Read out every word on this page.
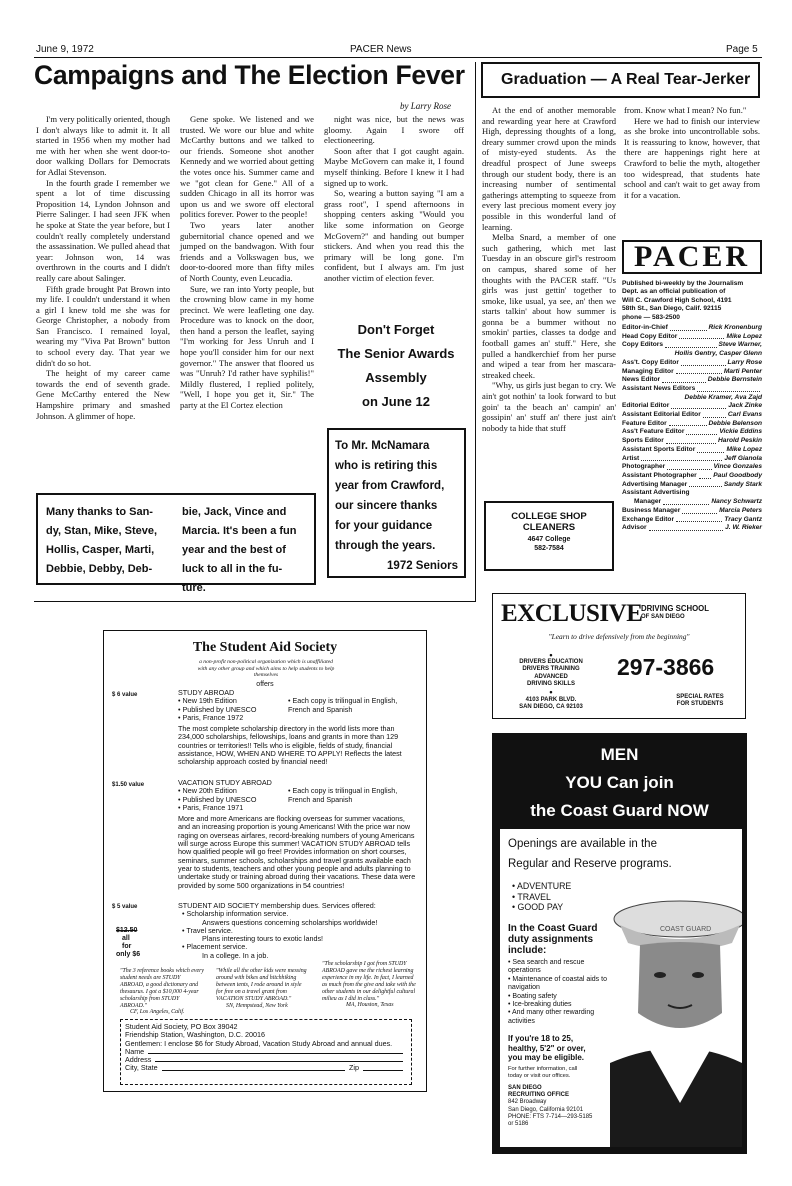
June 9, 1972	PACER News	Page 5
Campaigns and The Election Fever
by Larry Rose

I'm very politically oriented, though I don't always like to admit it. It all started in 1956 when my mother had me with her when she went door-to-door walking Dollars for Democrats for Adlai Stevenson.

In the fourth grade I remember we spent a lot of time discussing Proposition 14, Lyndon Johnson and Pierre Salinger. I had seen JFK when he spoke at State the year before, but I couldn't really completely understand the assassination. We pulled ahead that year: Johnson won, 14 was overthrown in the courts and I didn't really care about Salinger.

Fifth grade brought Pat Brown into my life. I couldn't understand it when a girl I knew told me she was for George Christopher, a nobody from San Francisco. I remained loyal, wearing my "Viva Pat Brown" button to school every day. That year we didn't do so hot.

The height of my career came towards the end of seventh grade. Gene McCarthy entered the New Hampshire primary and smashed Johnson. A glimmer of hope.

Gene spoke. We listened and we trusted. We wore our blue and white McCarthy buttons and we talked to our friends. Someone shot another Kennedy and we worried about getting the votes once his. Summer came and we "got clean for Gene." All of a sudden Chicago in all its horror was upon us and we swore off electoral politics forever. Power to the people!

Two years later another gubernitorial chance opened and we jumped on the bandwagon. With four friends and a Volkswagen bus, we door-to-doored more than fifty miles of North County, even Leucadia.

Sure, we ran into Yorty people, but the crowning blow came in my home precinct. We were leafleting one day. Procedure was to knock on the door, then hand a person the leaflet, saying "I'm working for Jess Unruh and I hope you'll consider him for our next governor." The answer that floored us was "Unruh? I'd rather have syphilis!" Mildly flustered, I replied politely, "Well, I hope you get it, Sir." The party at the El Cortez election

night was nice, but the news was gloomy. Again I swore off electioneering.

Soon after that I got caught again. Maybe McGovern can make it, I found myself thinking. Before I knew it I had signed up to work.

So, wearing a button saying "I am a grass root", I spend afternoons in shopping centers asking "Would you like some information on George McGovern?" and handing out bumper stickers. And when you read this the primary will be long gone. I'm confident, but I always am. I'm just another victim of election fever.

Don't Forget
The Senior Awards
Assembly
on June 12
To Mr. McNamara
who is retiring this
year from Crawford,
our sincere thanks
for your guidance
through the years.
1972 Seniors
Many thanks to San-
dy, Stan, Mike, Steve,
Hollis, Casper, Marti,
Debbie, Debby, Deb-
bie, Jack, Vince and
Marcia. It's been a fun
year and the best of
luck to all in the fu-
ture.
Graduation — A Real Tear-Jerker

At the end of another memorable and rewarding year here at Crawford High, depressing thoughts of a long, dreary summer crowd upon the minds of misty-eyed students. As the dreadful prospect of June sweeps through our student body, there is an increasing number of sentimental gatherings attempting to squeeze from every last precious moment every joy possible in this wonderful land of learning.

Melba Snard, a member of one such gathering, which met last Tuesday in an obscure girl's restroom on campus, shared some of her thoughts with the PACER staff. "Us girls was just gettin' together to smoke, like usual, ya see, an' then we starts talkin' about how summer is gonna be a bummer without no smokin' parties, classes ta dodge and football games an' stuff." Here, she pulled a handkerchief from her purse and wiped a tear from her mascara-streaked cheek.

"Why, us girls just began to cry. We ain't got nothin' ta look forward to but goin' ta the beach an' campin' an' gossipin' an' stuff an' there just ain't nobody ta hide that stuff

from. Know what I mean? No fun."

Here we had to finish our interview as she broke into uncontrollable sobs. It is reassuring to know, however, that there are happenings right here at Crawford to belie the myth, altogether too widespread, that students hate school and can't wait to get away from it for a vacation.

COLLEGE SHOP
CLEANERS
4647 College
582-7584
PACER
Published bi-weekly by the Journalism
Dept. as an official publication of
Will C. Crawford High School, 4191
58th St., San Diego, Calif. 92115
phone — 583-2500
Editor-in-Chief	Rick Kronenburg
Head Copy Editor	Mike Lopez
Copy Editors	Steve Warner,
Hollis Gentry, Casper Glenn
Ass't. Copy Editor	Larry Rose
Managing Editor	Marti Penter
News Editor	Debbie Bernstein
Assistant News Editors
Debbie Kramer, Ava Zajd
Editorial Editor	Jack Zinke
Assistant Editorial Editor	Carl Evans
Feature Editor	Debbie Belenson
Ass't Feature Editor	Vickie Eddins
Sports Editor	Harold Peskin
Assistant Sports Editor	Mike Lopez
Artist	Jeff Gianola
Photographer	Vince Gonzales
Assistant Photographer	Paul Goodbody
Advertising Manager	Sandy Stark
Assistant Advertising
Manager	Nancy Schwartz
Business Manager	Marcia Peters
Exchange Editor	Tracy Gantz
Advisor	J. W. Rieker
The Student Aid Society
a non-profit non-political organization which is unaffiliated with any other group and which aims to help students to help themselves
offers
$ 6 value	STUDY ABROAD
• New 19th Edition
• Published by UNESCO
• Paris, France 1972
• Each copy is trilingual in English, French and Spanish
The most complete scholarship directory in the world lists more than 234,000 scholarships, fellowships, loans and grants in more than 129 countries or territories!! Tells who is eligible, fields of study, financial assistance, HOW, WHEN AND WHERE TO APPLY! Reflects the latest scholarship approach costed by financial need!
$1.50 value	VACATION STUDY ABROAD
• New 20th Edition
• Published by UNESCO
• Paris, France 1971
• Each copy is trilingual in English, French and Spanish
More and more Americans are flocking overseas for summer vacations, and an increasing proportion is young Americans! With the price war now raging on overseas airfares, record-breaking numbers of young Americans will surge across Europe this summer! VACATION STUDY ABROAD tells how qualified people will go free! Provides information on short courses, seminars, summer schools, scholarships and travel grants available each year to students, teachers and other young people and adults planning to undertake study or training abroad during their vacations. These data were provided by some 500 organizations in 54 countries!
$ 5 value	STUDENT AID SOCIETY membership dues. Services offered:
• Scholarship information service.
Answers questions concerning scholarships worldwide!
• Travel service.
Plans interesting tours to exotic lands!
• Placement service.
In a college. In a job.
$12.50
all
for
only $6
"The 3 reference books which every student needs are STUDY ABROAD, a good dictionary and thesaurus. I got a $10,000 4-year scholarship from STUDY ABROAD."
CF, Los Angeles, Calif.
"While all the other kids were messing around with bikes and hitchhiking between tents, I rode around in style for free on a travel grant from VACATION STUDY ABROAD."
SN, Hempstead, New York
"The scholarship I got from STUDY ABROAD gave me the richest learning experience in my life. In fact, I learned as much from the give and take with the other students in our delightful cultural milieu as I did in class."
MA, Houston, Texas
Student Aid Society, PO Box 39042
Friendship Station, Washington, D.C. 20016
Gentlemen: I enclose $6 for Study Abroad, Vacation Study Abroad and annual dues.
Name
Address
City, State	Zip
EXCLUSIVE
DRIVING SCHOOL
OF SAN DIEGO
"Learn to drive defensively from the beginning"
•
DRIVERS EDUCATION
DRIVERS TRAINING
ADVANCED
DRIVING SKILLS
•
4103 PARK BLVD.
SAN DIEGO, CA 92103
297-3866
SPECIAL RATES
FOR STUDENTS
MEN
YOU Can join
the Coast Guard NOW
Openings are available in the
Regular and Reserve programs.
• ADVENTURE
• TRAVEL
• GOOD PAY
COAST GUARD
In the Coast Guard
duty assignments
include:
• Sea search and rescue operations
• Maintenance of coastal aids to navigation
• Boating safety
• Ice-breaking duties
• And many other rewarding activities
If you're 18 to 25,
healthy, 5'2" or over,
you may be eligible.
For further information, call
today or visit our offices.
SAN DIEGO
RECRUITING OFFICE
842 Broadway
San Diego, California 92101
PHONE: FTS 7-714—293-5185
or 5186
